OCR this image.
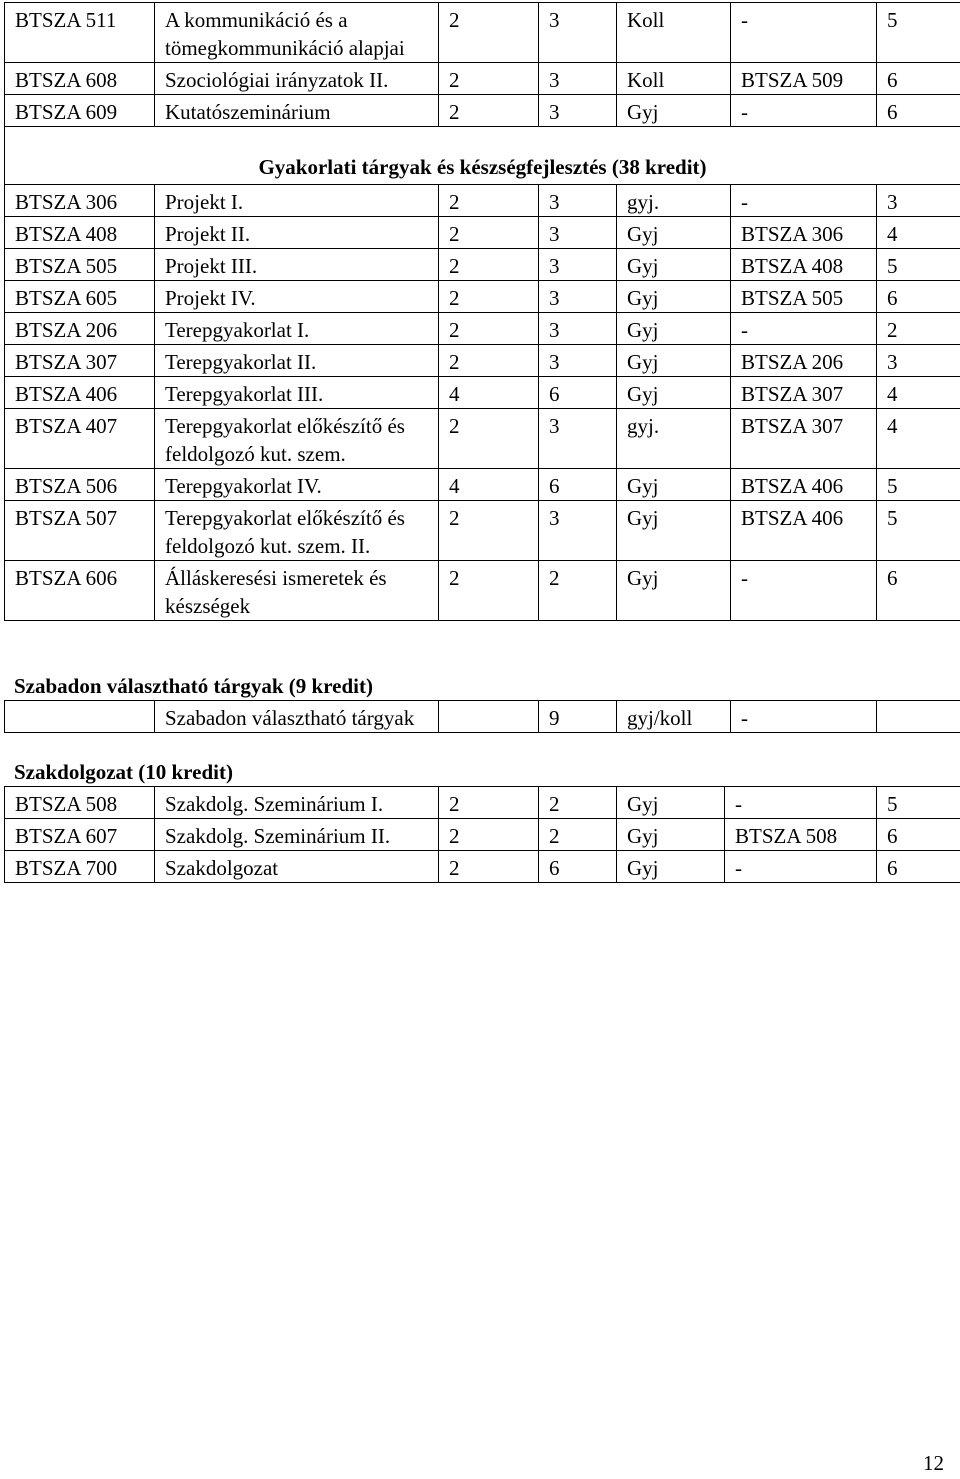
BTSZA 511	A kommunikáció és a tömegkommunikáció alapjai	2	3	Koll	-	5
BTSZA 608	Szociológiai irányzatok II.	2	3	Koll	BTSZA 509	6
BTSZA 609	Kutatószeminárium	2	3	Gyj	-	6
Gyakorlati tárgyak és készségfejlesztés (38 kredit)						
BTSZA 306	Projekt I.	2	3	gyj.	-	3
BTSZA 408	Projekt II.	2	3	Gyj	BTSZA 306	4
BTSZA 505	Projekt III.	2	3	Gyj	BTSZA 408	5
BTSZA 605	Projekt IV.	2	3	Gyj	BTSZA 505	6
BTSZA 206	Terepgyakorlat I.	2	3	Gyj	-	2
BTSZA 307	Terepgyakorlat II.	2	3	Gyj	BTSZA 206	3
BTSZA 406	Terepgyakorlat III.	4	6	Gyj	BTSZA 307	4
BTSZA 407	Terepgyakorlat előkészítő és feldolgozó kut. szem.	2	3	gyj.	BTSZA 307	4
BTSZA 506	Terepgyakorlat IV.	4	6	Gyj	BTSZA 406	5
BTSZA 507	Terepgyakorlat előkészítő és feldolgozó kut. szem. II.	2	3	Gyj	BTSZA 406	5
BTSZA 606	Álláskeresési ismeretek és készségek	2	2	Gyj	-	6
Szabadon választható tárgyak (9 kredit)
	Szabadon választható tárgyak		9	gyj/koll	-	
Szakdolgozat (10 kredit)
BTSZA 508	Szakdolg. Szeminárium I.	2	2	Gyj	-	5
BTSZA 607	Szakdolg. Szeminárium II.	2	2	Gyj	BTSZA 508	6
BTSZA 700	Szakdolgozat	2	6	Gyj	-	6
12
